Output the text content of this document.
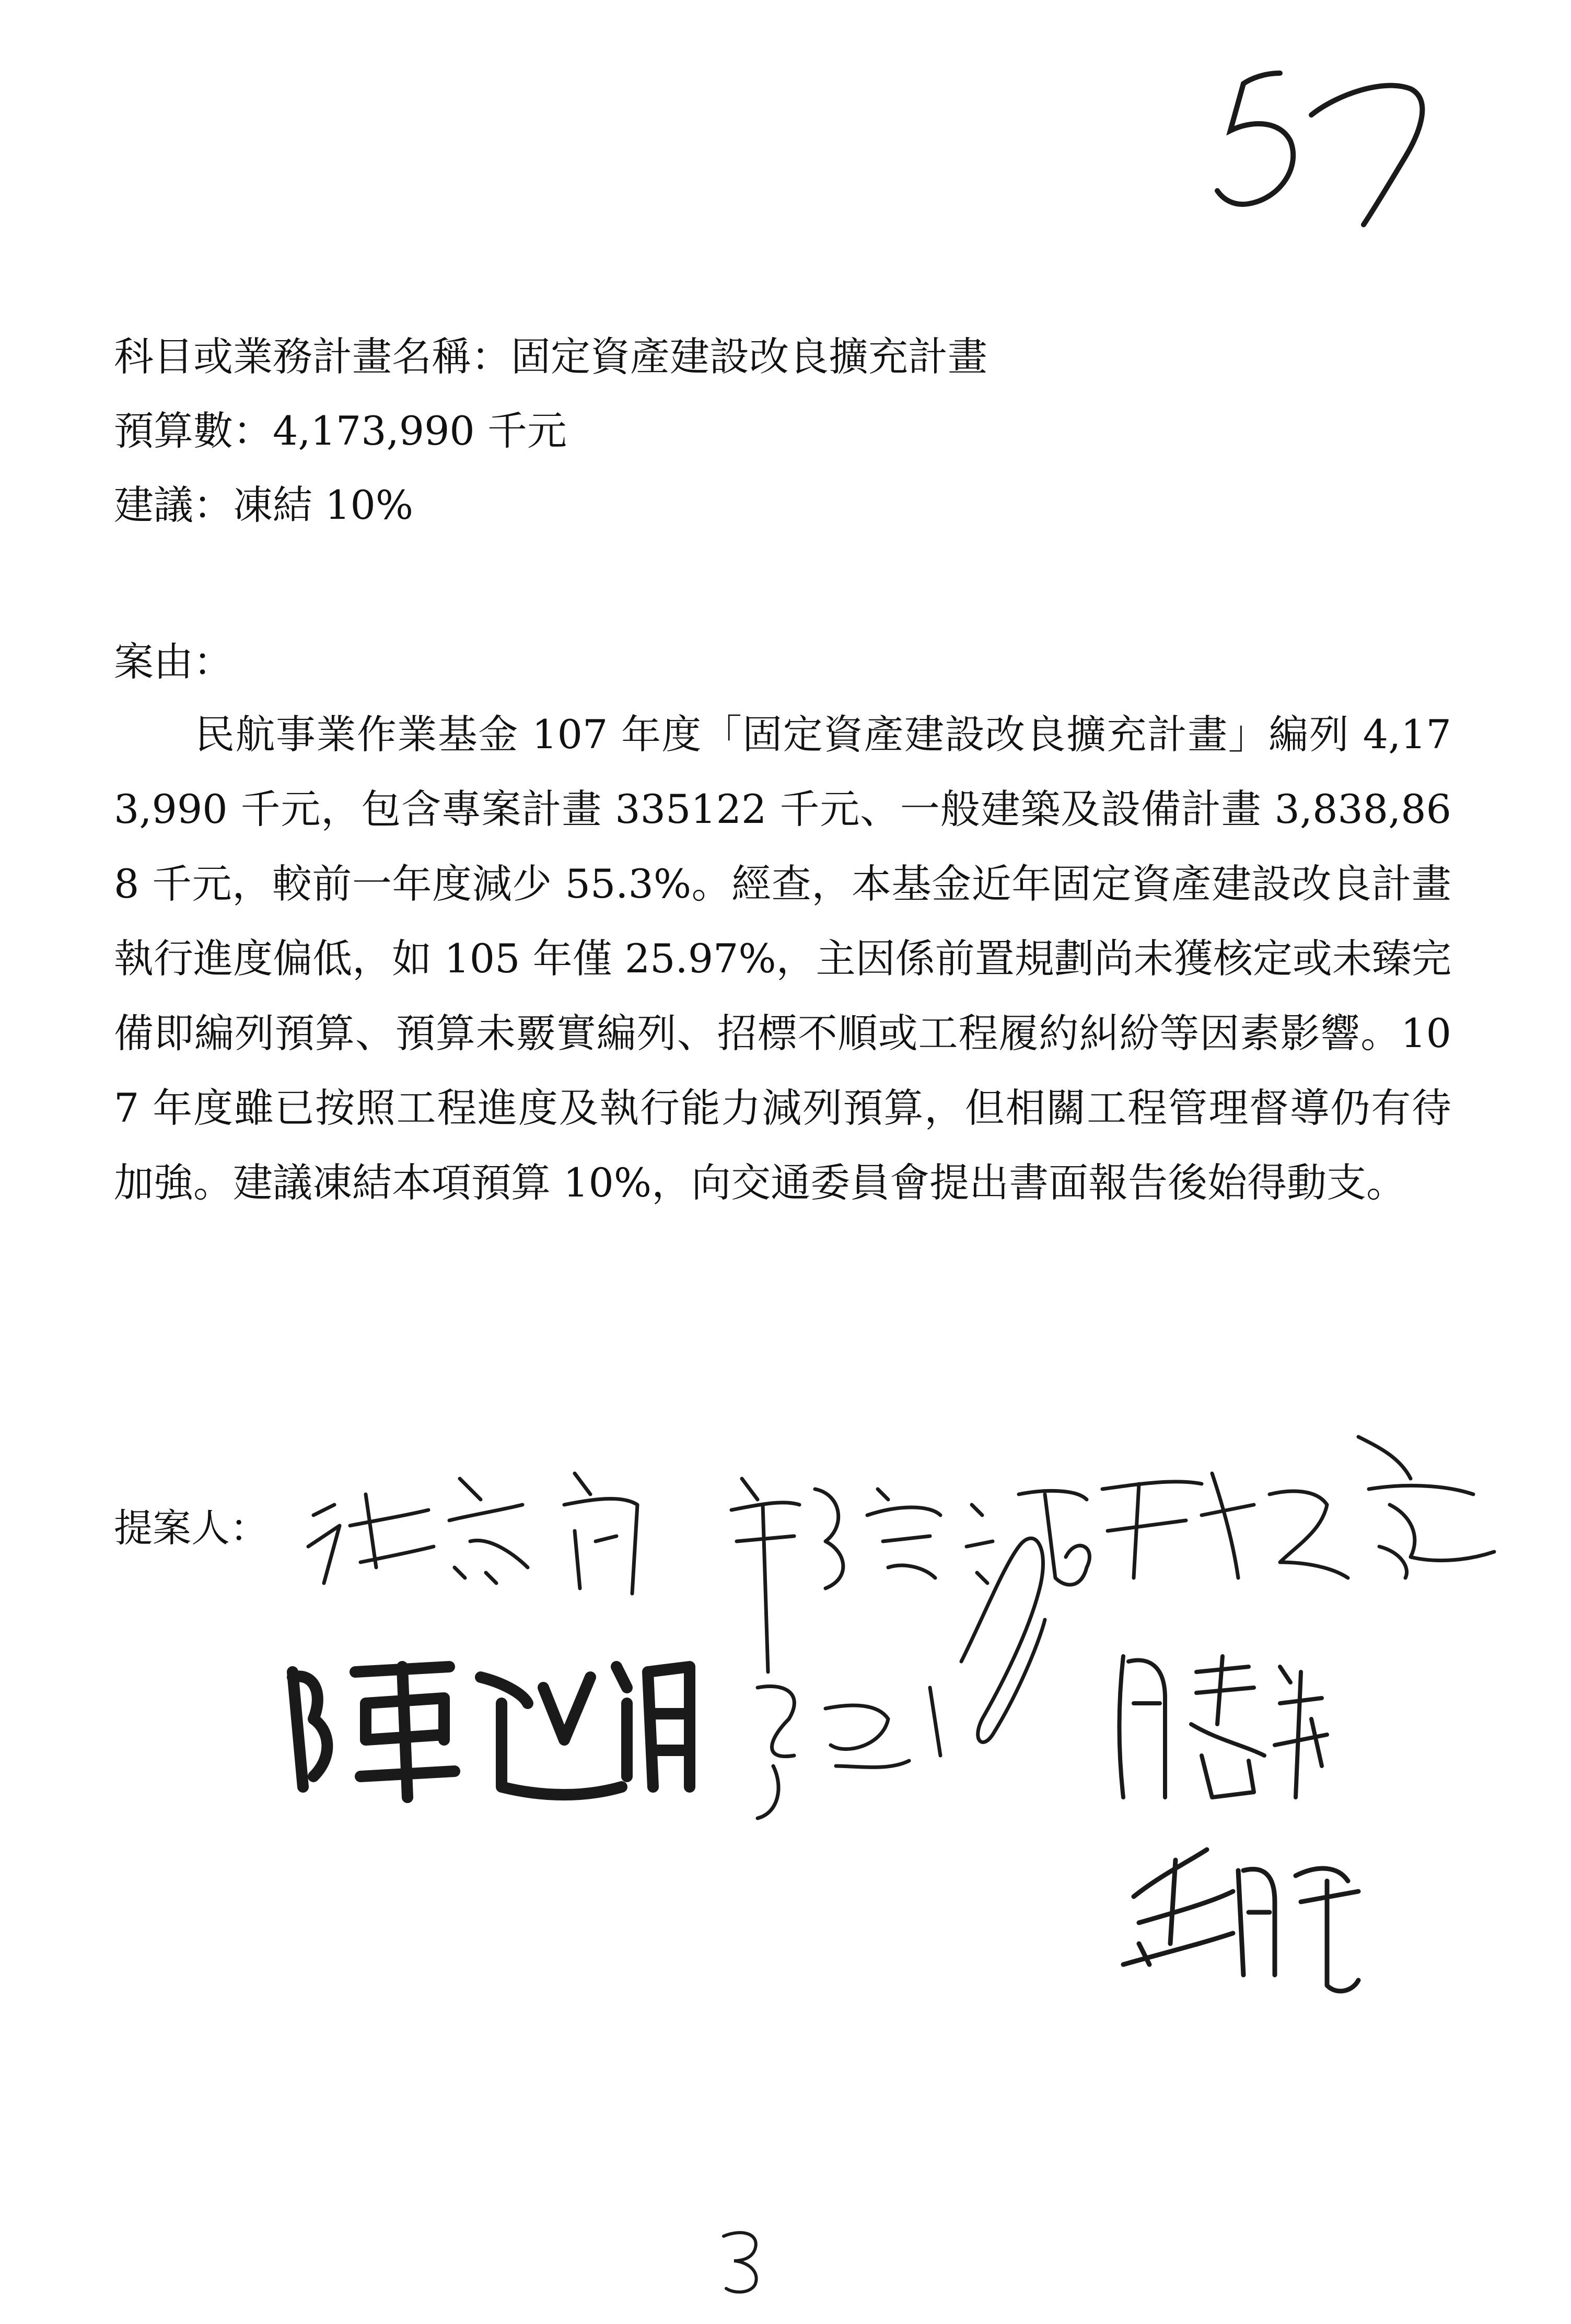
科目或業務計畫名稱：固定資產建設改良擴充計畫
預算數：4,173,990 千元
建議：凍結 10%
案由：
民航事業作業基金 107 年度「固定資產建設改良擴充計畫」編列 4,173,990 千元，包含專案計畫 335122 千元、一般建築及設備計畫 3,838,868 千元，較前一年度減少 55.3%。經查，本基金近年固定資產建設改良計畫執行進度偏低，如 105 年僅 25.97%，主因係前置規劃尚未獲核定或未臻完備即編列預算、預算未覈實編列、招標不順或工程履約糾紛等因素影響。107 年度雖已按照工程進度及執行能力減列預算，但相關工程管理督導仍有待加強。建議凍結本項預算 10%，向交通委員會提出書面報告後始得動支。
提案人：
